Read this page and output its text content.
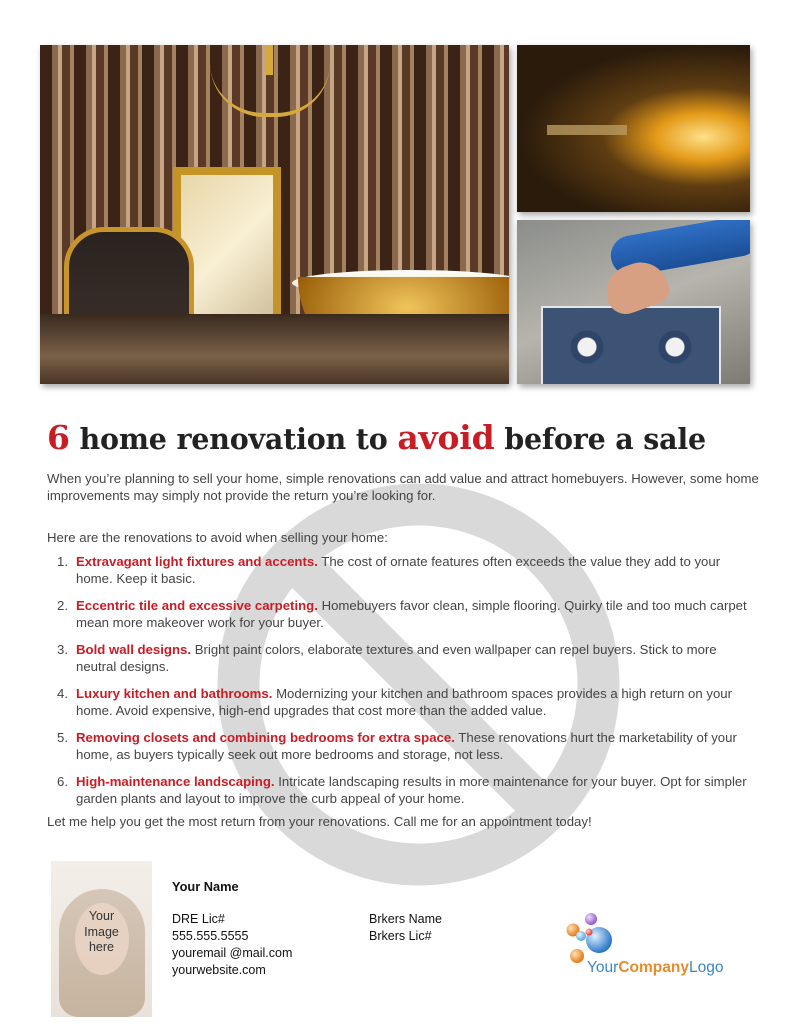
6 home renovation to avoid before a sale

When you’re planning to sell your home, simple renovations can add value and attract homebuyers. However, some home improvements may simply not provide the return you’re looking for.

Here are the renovations to avoid when selling your home:

1. Extravagant light fixtures and accents. The cost of ornate features often exceeds the value they add to your home. Keep it basic.
2. Eccentric tile and excessive carpeting. Homebuyers favor clean, simple flooring. Quirky tile and too much carpet mean more makeover work for your buyer.
3. Bold wall designs. Bright paint colors, elaborate textures and even wallpaper can repel buyers. Stick to more neutral designs.
4. Luxury kitchen and bathrooms. Modernizing your kitchen and bathroom spaces provides a high return on your home. Avoid expensive, high-end upgrades that cost more than the added value.
5. Removing closets and combining bedrooms for extra space. These renovations hurt the marketability of your home, as buyers typically seek out more bedrooms and storage, not less.
6. High-maintenance landscaping. Intricate landscaping results in more maintenance for your buyer. Opt for simpler garden plants and layout to improve the curb appeal of your home.

Let me help you get the most return from your renovations. Call me for an appointment today!

Your
Image
here
Your Name
DRE Lic#
555.555.5555
youremail @mail.com
yourwebsite.com
Brkers Name
Brkers Lic#
YourCompanyLogo
